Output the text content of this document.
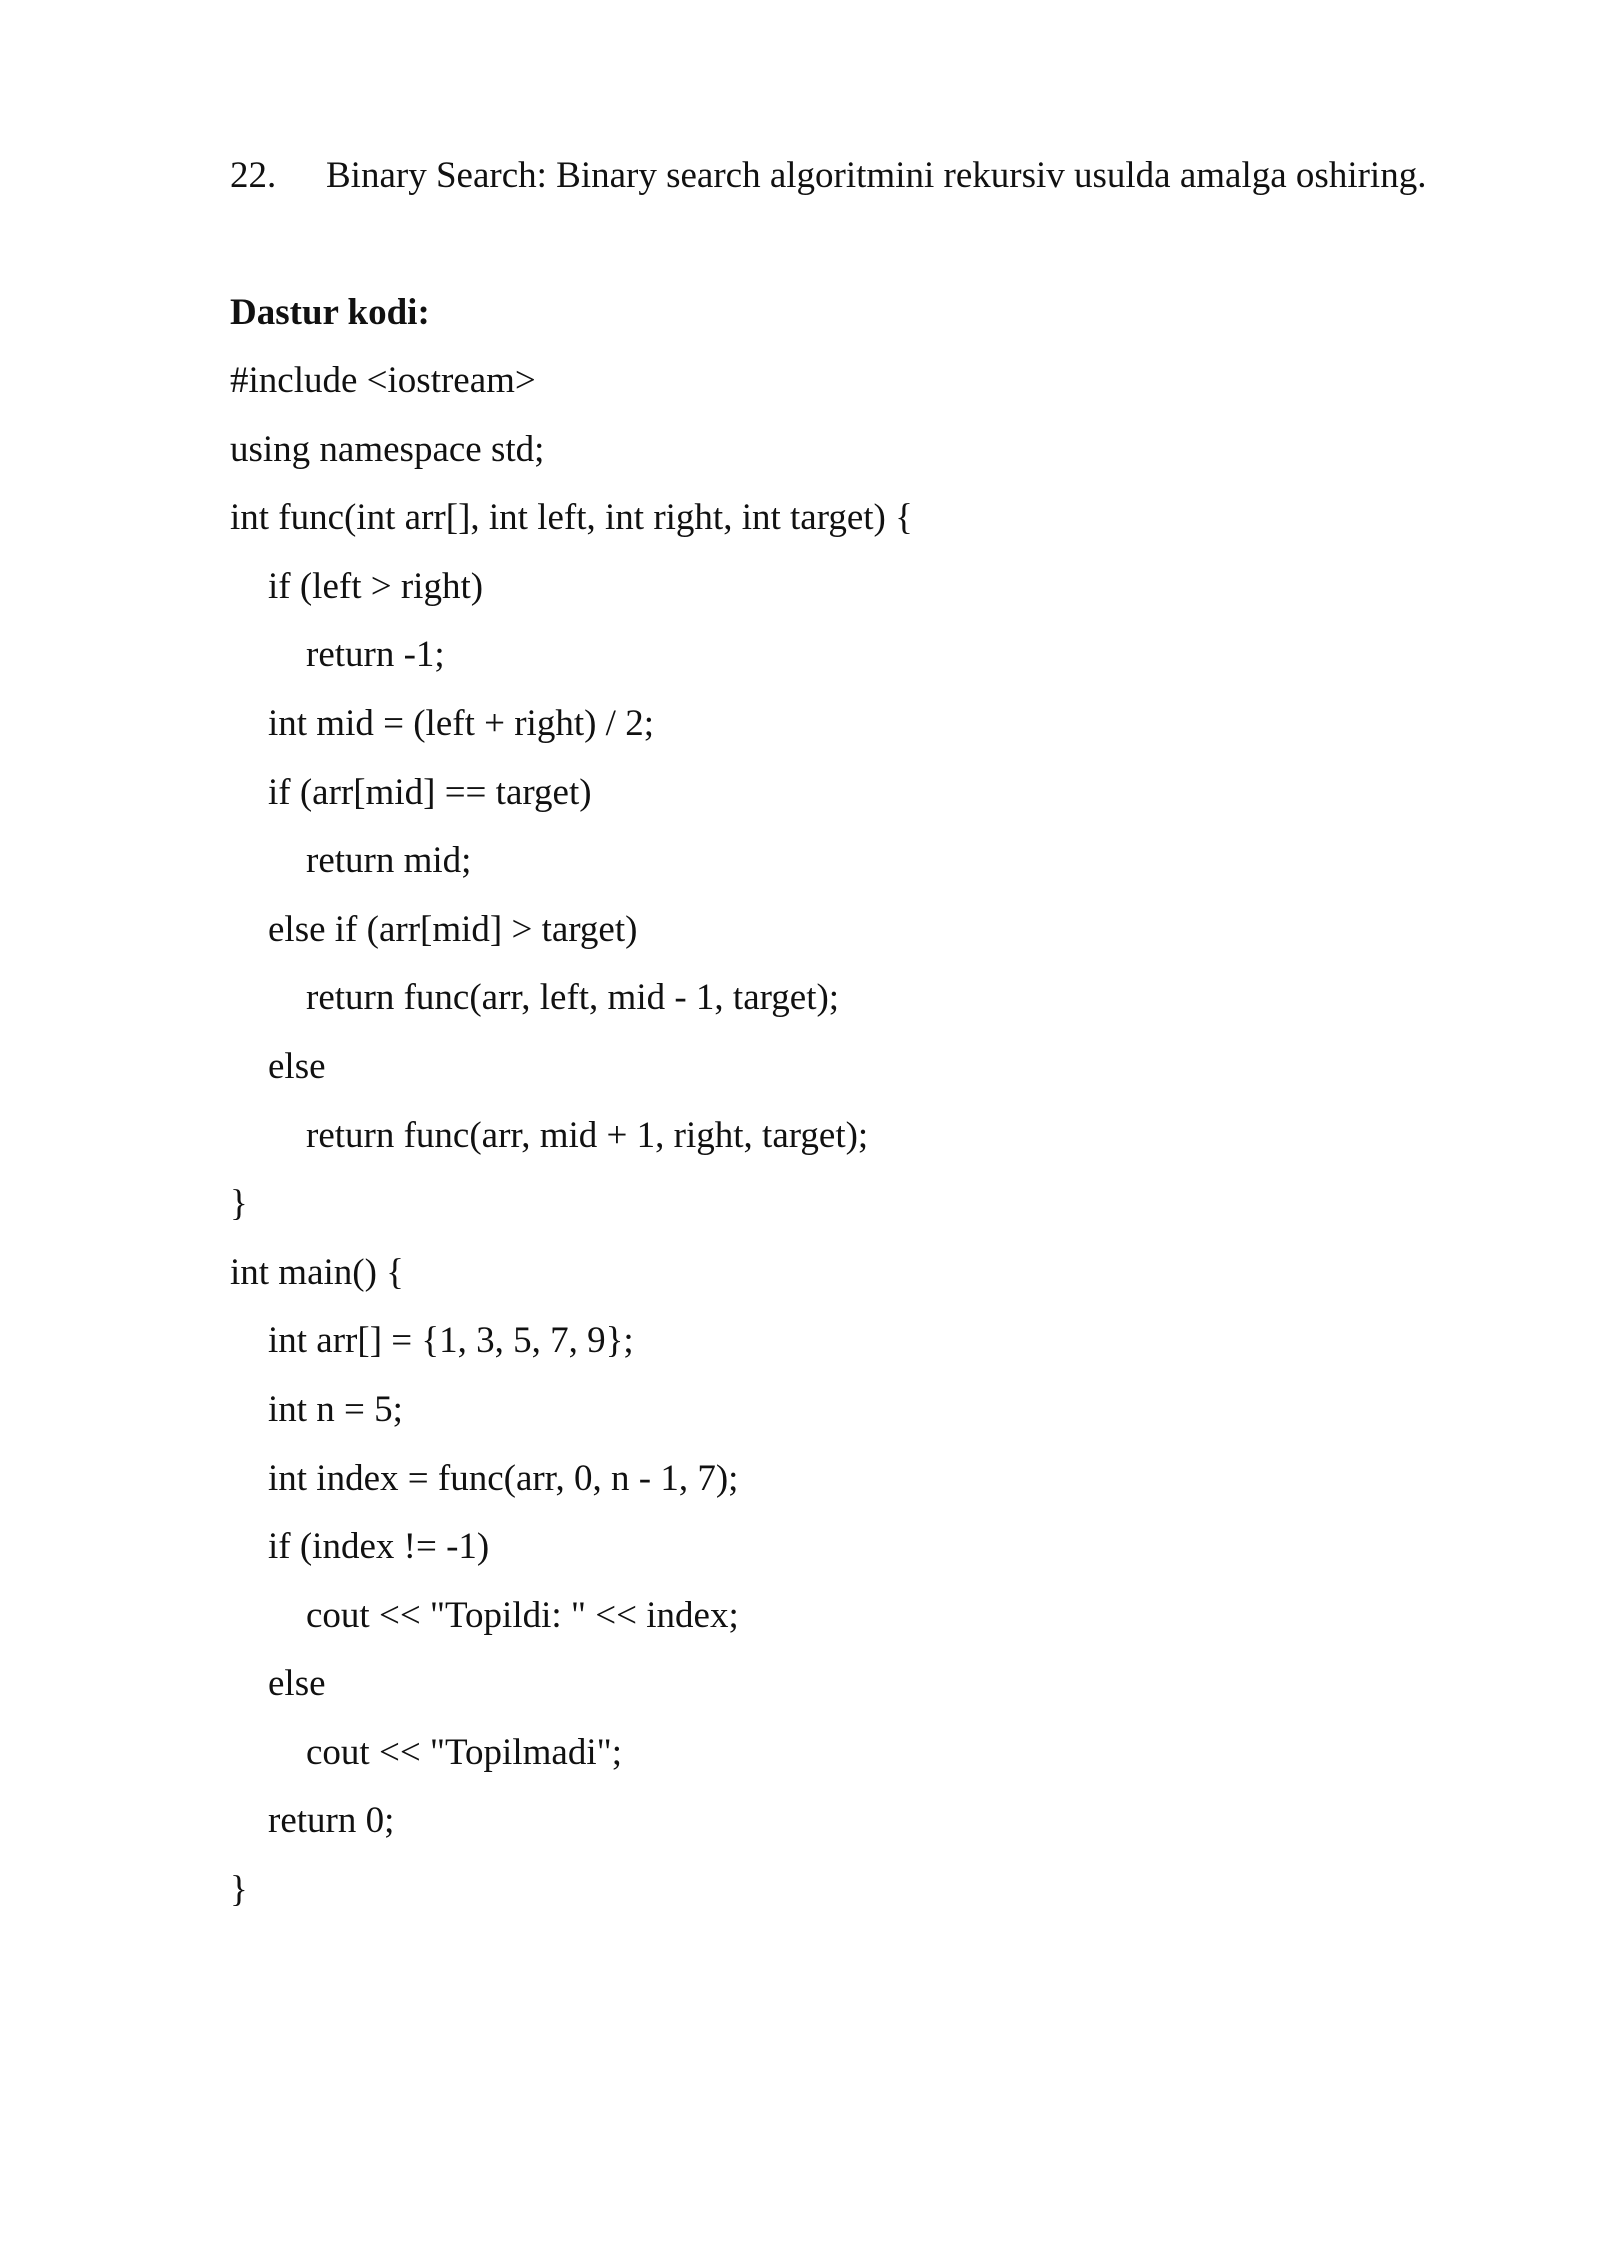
22. Binary Search: Binary search algoritmini rekursiv usulda amalga oshiring.
Dastur kodi:
#include <iostream>
using namespace std;
int func(int arr[], int left, int right, int target) {
if (left > right)
return -1;
int mid = (left + right) / 2;
if (arr[mid] == target)
return mid;
else if (arr[mid] > target)
return func(arr, left, mid - 1, target);
else
return func(arr, mid + 1, right, target);
}
int main() {
int arr[] = {1, 3, 5, 7, 9};
int n = 5;
int index = func(arr, 0, n - 1, 7);
if (index != -1)
cout << "Topildi: " << index;
else
cout << "Topilmadi";
return 0;
}
